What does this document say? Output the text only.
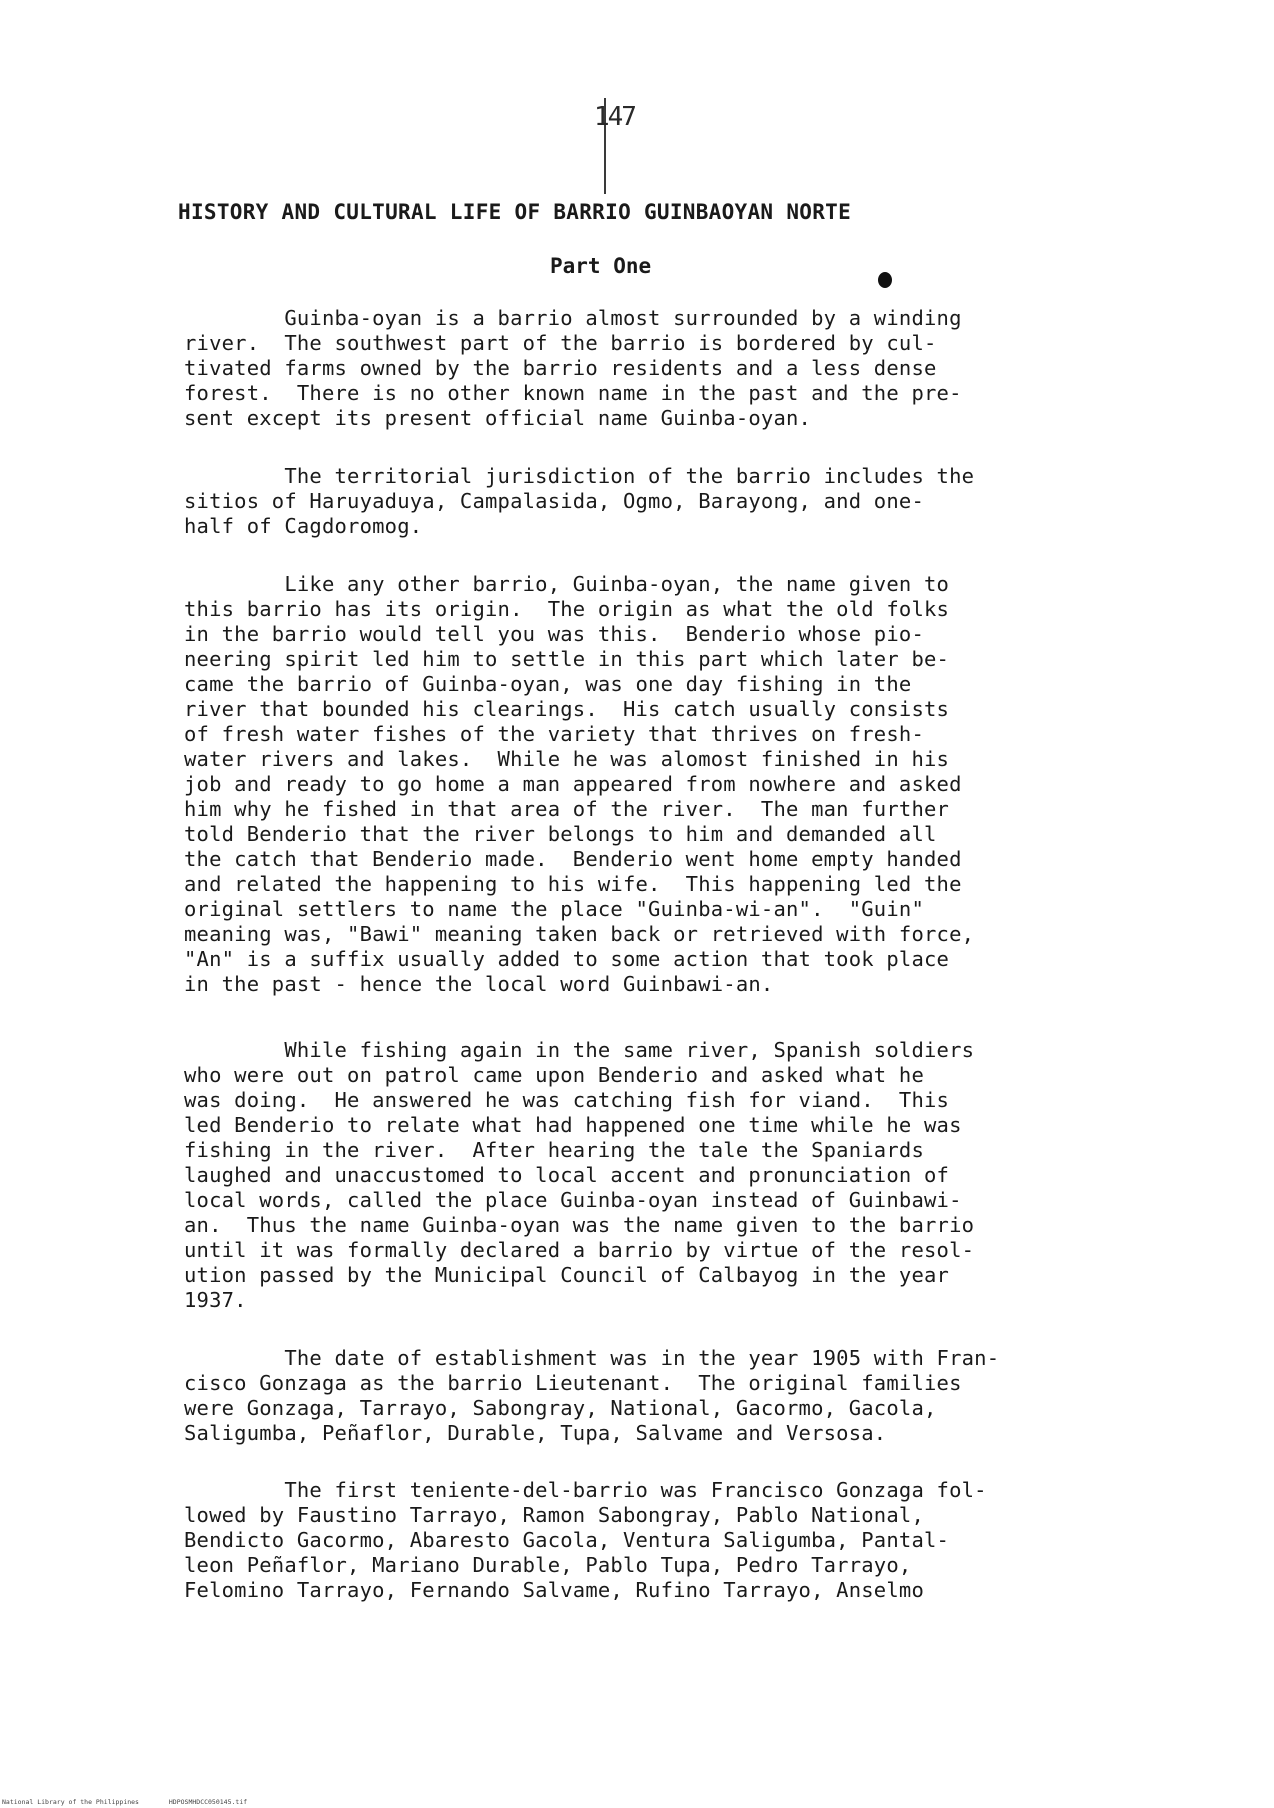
147
HISTORY AND CULTURAL LIFE OF BARRIO GUINBAOYAN NORTE
Part One
Guinba-oyan is a barrio almost surrounded by a winding
river.  The southwest part of the barrio is bordered by cul-
tivated farms owned by the barrio residents and a less dense
forest.  There is no other known name in the past and the pre-
sent except its present official name Guinba-oyan.
The territorial jurisdiction of the barrio includes the
sitios of Haruyaduya, Campalasida, Ogmo, Barayong, and one-
half of Cagdoromog.
Like any other barrio, Guinba-oyan, the name given to
this barrio has its origin.  The origin as what the old folks
in the barrio would tell you was this.  Benderio whose pio-
neering spirit led him to settle in this part which later be-
came the barrio of Guinba-oyan, was one day fishing in the
river that bounded his clearings.  His catch usually consists
of fresh water fishes of the variety that thrives on fresh-
water rivers and lakes.  While he was alomost finished in his
job and ready to go home a man appeared from nowhere and asked
him why he fished in that area of the river.  The man further
told Benderio that the river belongs to him and demanded all
the catch that Benderio made.  Benderio went home empty handed
and related the happening to his wife.  This happening led the
original settlers to name the place "Guinba-wi-an".  "Guin"
meaning was, "Bawi" meaning taken back or retrieved with force,
"An" is a suffix usually added to some action that took place
in the past - hence the local word Guinbawi-an.
While fishing again in the same river, Spanish soldiers
who were out on patrol came upon Benderio and asked what he
was doing.  He answered he was catching fish for viand.  This
led Benderio to relate what had happened one time while he was
fishing in the river.  After hearing the tale the Spaniards
laughed and unaccustomed to local accent and pronunciation of
local words, called the place Guinba-oyan instead of Guinbawi-
an.  Thus the name Guinba-oyan was the name given to the barrio
until it was formally declared a barrio by virtue of the resol-
ution passed by the Municipal Council of Calbayog in the year
1937.
The date of establishment was in the year 1905 with Fran-
cisco Gonzaga as the barrio Lieutenant.  The original families
were Gonzaga, Tarrayo, Sabongray, National, Gacormo, Gacola,
Saligumba, Peñaflor, Durable, Tupa, Salvame and Versosa.
The first teniente-del-barrio was Francisco Gonzaga fol-
lowed by Faustino Tarrayo, Ramon Sabongray, Pablo National,
Bendicto Gacormo, Abaresto Gacola, Ventura Saligumba, Pantal-
leon Peñaflor, Mariano Durable, Pablo Tupa, Pedro Tarrayo,
Felomino Tarrayo, Fernando Salvame, Rufino Tarrayo, Anselmo
National Library of the Philippines	HDPOSMHDCC050145.tif
